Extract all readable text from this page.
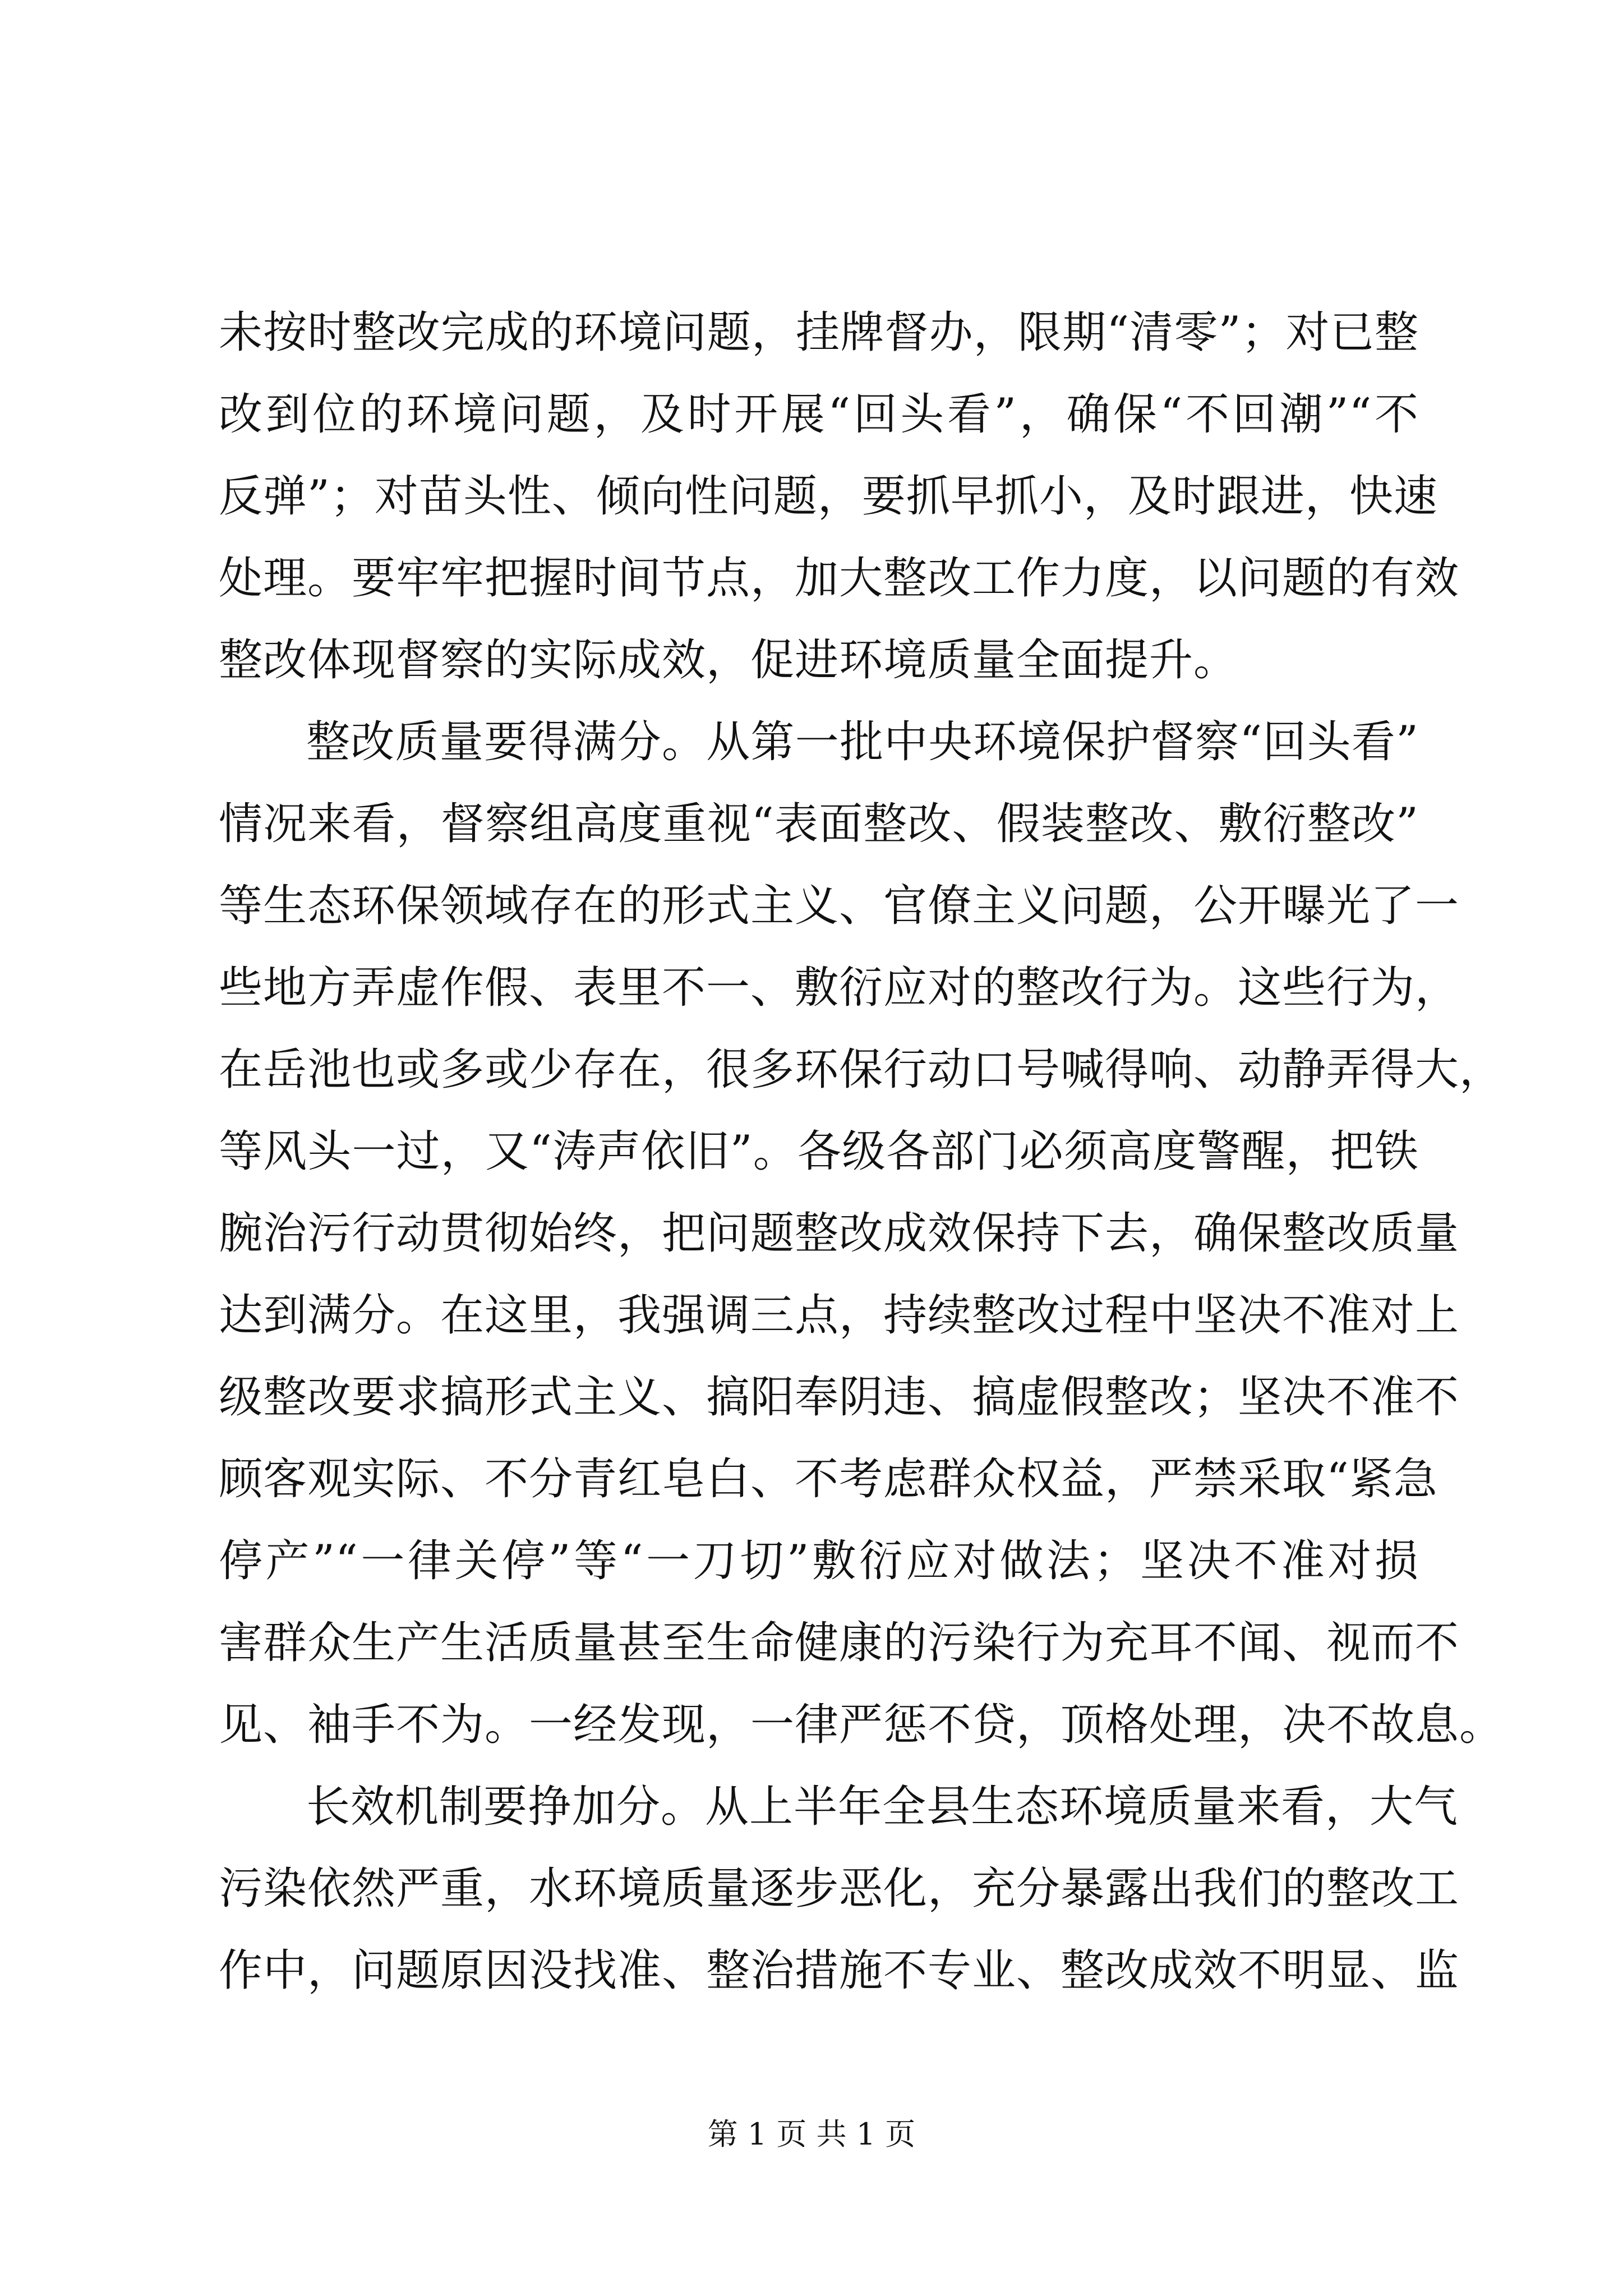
未按时整改完成的环境问题，挂牌督办，限期“清零”；对已整
改到位的环境问题，及时开展“回头看”，确保“不回潮”“不
反弹”；对苗头性、倾向性问题，要抓早抓小，及时跟进，快速
处理。要牢牢把握时间节点，加大整改工作力度，以问题的有效
整改体现督察的实际成效，促进环境质量全面提升。
整改质量要得满分。从第一批中央环境保护督察“回头看”
情况来看，督察组高度重视“表面整改、假装整改、敷衍整改”
等生态环保领域存在的形式主义、官僚主义问题，公开曝光了一
些地方弄虚作假、表里不一、敷衍应对的整改行为。这些行为，
在岳池也或多或少存在，很多环保行动口号喊得响、动静弄得大，
等风头一过，又“涛声依旧”。各级各部门必须高度警醒，把铁
腕治污行动贯彻始终，把问题整改成效保持下去，确保整改质量
达到满分。在这里，我强调三点，持续整改过程中坚决不准对上
级整改要求搞形式主义、搞阳奉阴违、搞虚假整改；坚决不准不
顾客观实际、不分青红皂白、不考虑群众权益，严禁采取“紧急
停产”“一律关停”等“一刀切”敷衍应对做法；坚决不准对损
害群众生产生活质量甚至生命健康的污染行为充耳不闻、视而不
见、袖手不为。一经发现，一律严惩不贷，顶格处理，决不故息。
长效机制要挣加分。从上半年全县生态环境质量来看，大气
污染依然严重，水环境质量逐步恶化，充分暴露出我们的整改工
作中，问题原因没找准、整治措施不专业、整改成效不明显、监
第 1 页 共 1 页
